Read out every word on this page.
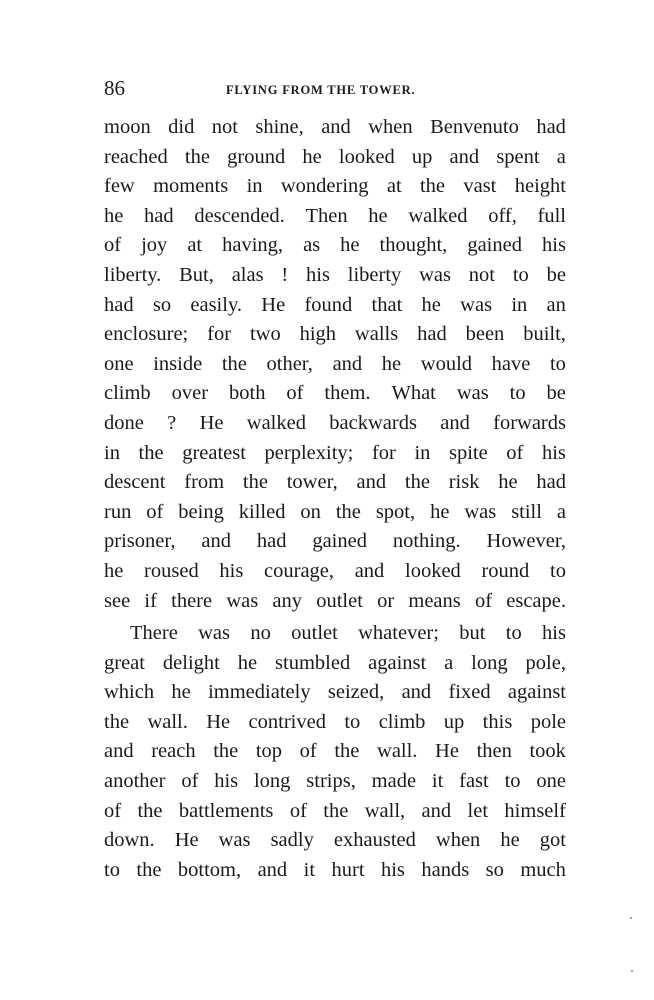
86	FLYING FROM THE TOWER.
moon did not shine, and when Benvenuto had
reached the ground he looked up and spent a
few moments in wondering at the vast height
he had descended. Then he walked off, full
of joy at having, as he thought, gained his
liberty. But, alas ! his liberty was not to be
had so easily. He found that he was in an
enclosure; for two high walls had been built,
one inside the other, and he would have to
climb over both of them. What was to be
done ? He walked backwards and forwards
in the greatest perplexity; for in spite of his
descent from the tower, and the risk he had
run of being killed on the spot, he was still a
prisoner, and had gained nothing. However,
he roused his courage, and looked round to
see if there was any outlet or means of escape.
There was no outlet whatever; but to his
great delight he stumbled against a long pole,
which he immediately seized, and fixed against
the wall. He contrived to climb up this pole
and reach the top of the wall. He then took
another of his long strips, made it fast to one
of the battlements of the wall, and let himself
down. He was sadly exhausted when he got
to the bottom, and it hurt his hands so much
